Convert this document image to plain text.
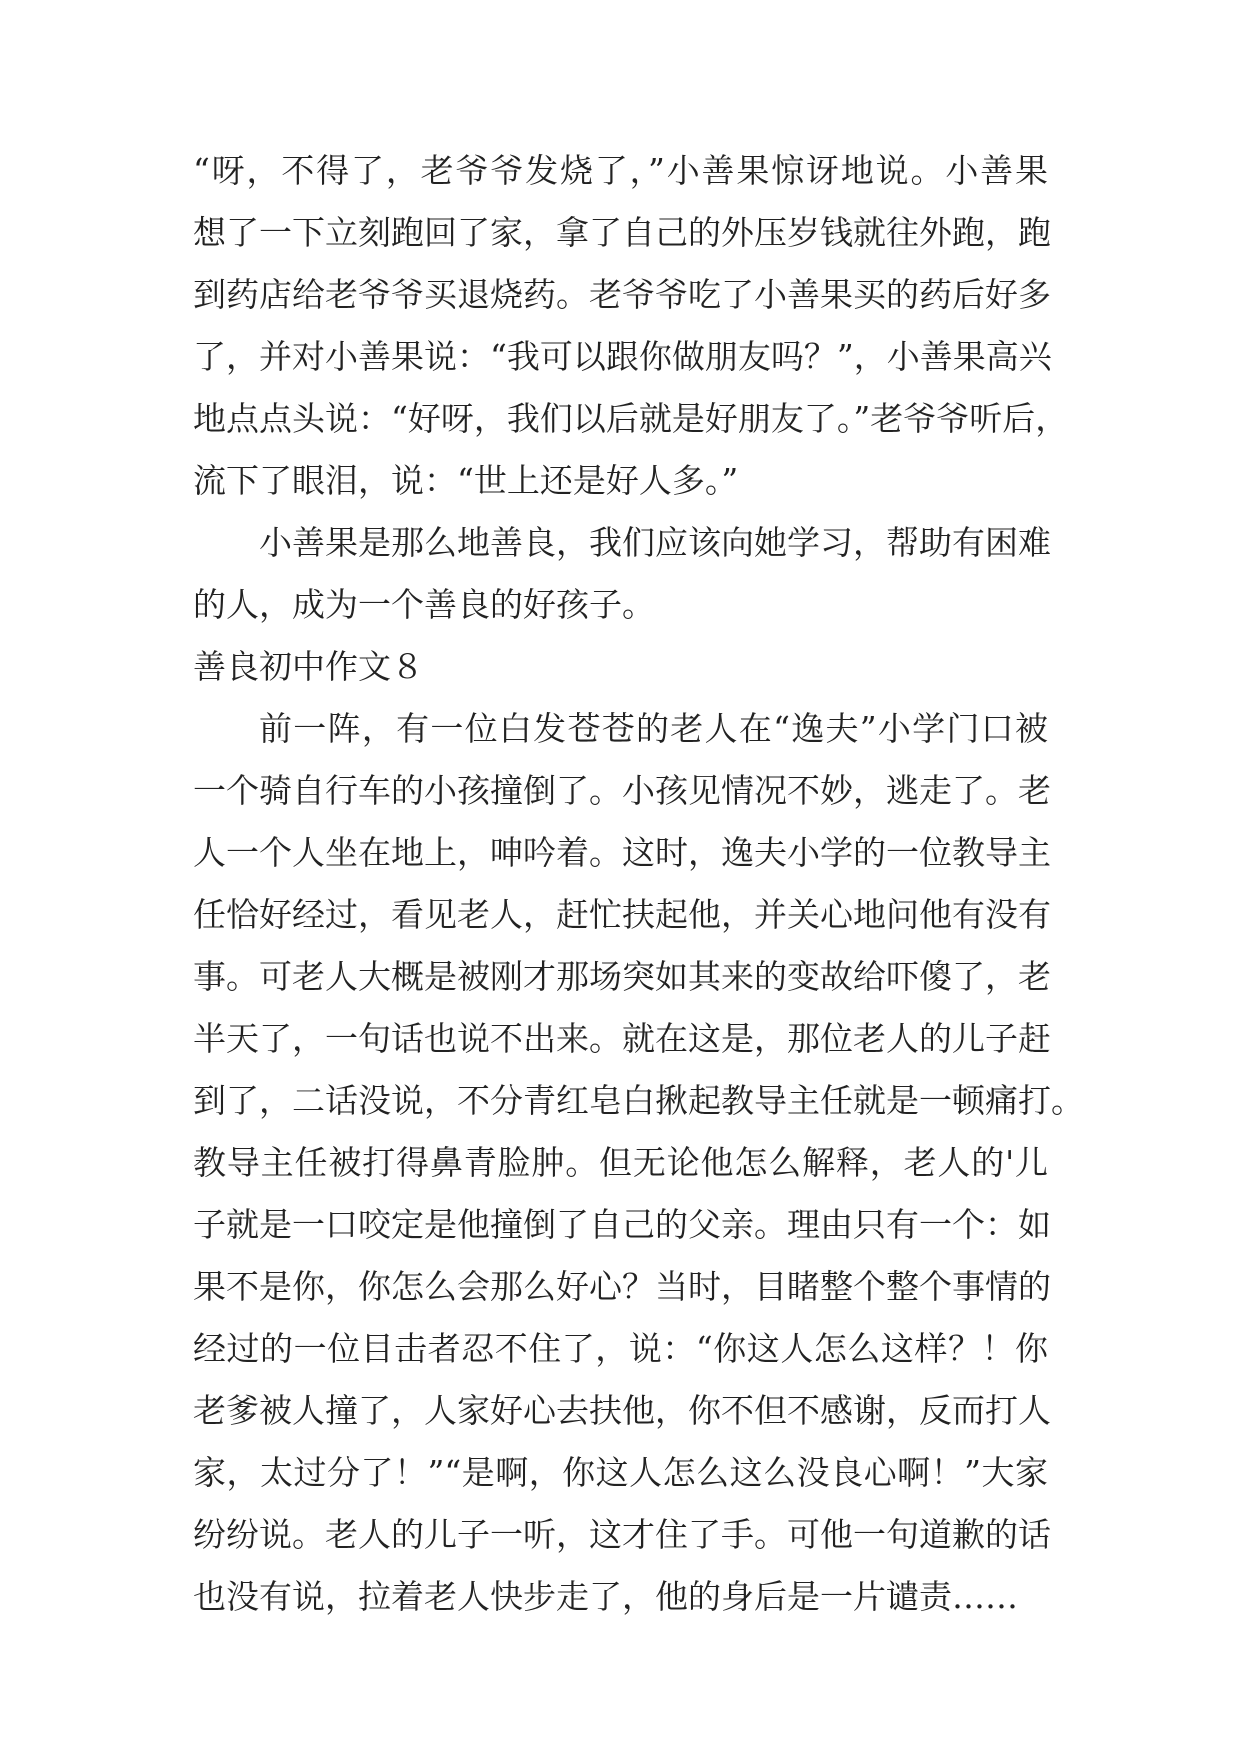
“呀，不得了，老爷爷发烧了，”小善果惊讶地说。小善果
想了一下立刻跑回了家，拿了自己的外压岁钱就往外跑，跑
到药店给老爷爷买退烧药。老爷爷吃了小善果买的药后好多
了，并对小善果说：“我可以跟你做朋友吗？”，小善果高兴
地点点头说：“好呀，我们以后就是好朋友了。”老爷爷听后，
流下了眼泪，说：“世上还是好人多。”
小善果是那么地善良，我们应该向她学习，帮助有困难
的人，成为一个善良的好孩子。
善良初中作文８
前一阵，有一位白发苍苍的老人在“逸夫”小学门口被
一个骑自行车的小孩撞倒了。小孩见情况不妙，逃走了。老
人一个人坐在地上，呻吟着。这时，逸夫小学的一位教导主
任恰好经过，看见老人，赶忙扶起他，并关心地问他有没有
事。可老人大概是被刚才那场突如其来的变故给吓傻了，老
半天了，一句话也说不出来。就在这是，那位老人的儿子赶
到了，二话没说，不分青红皂白揪起教导主任就是一顿痛打。
教导主任被打得鼻青脸肿。但无论他怎么解释，老人的'儿
子就是一口咬定是他撞倒了自己的父亲。理由只有一个：如
果不是你，你怎么会那么好心？当时，目睹整个整个事情的
经过的一位目击者忍不住了，说：“你这人怎么这样？！你
老爹被人撞了，人家好心去扶他，你不但不感谢，反而打人
家，太过分了！”“是啊，你这人怎么这么没良心啊！”大家
纷纷说。老人的儿子一听，这才住了手。可他一句道歉的话
也没有说，拉着老人快步走了，他的身后是一片谴责……
